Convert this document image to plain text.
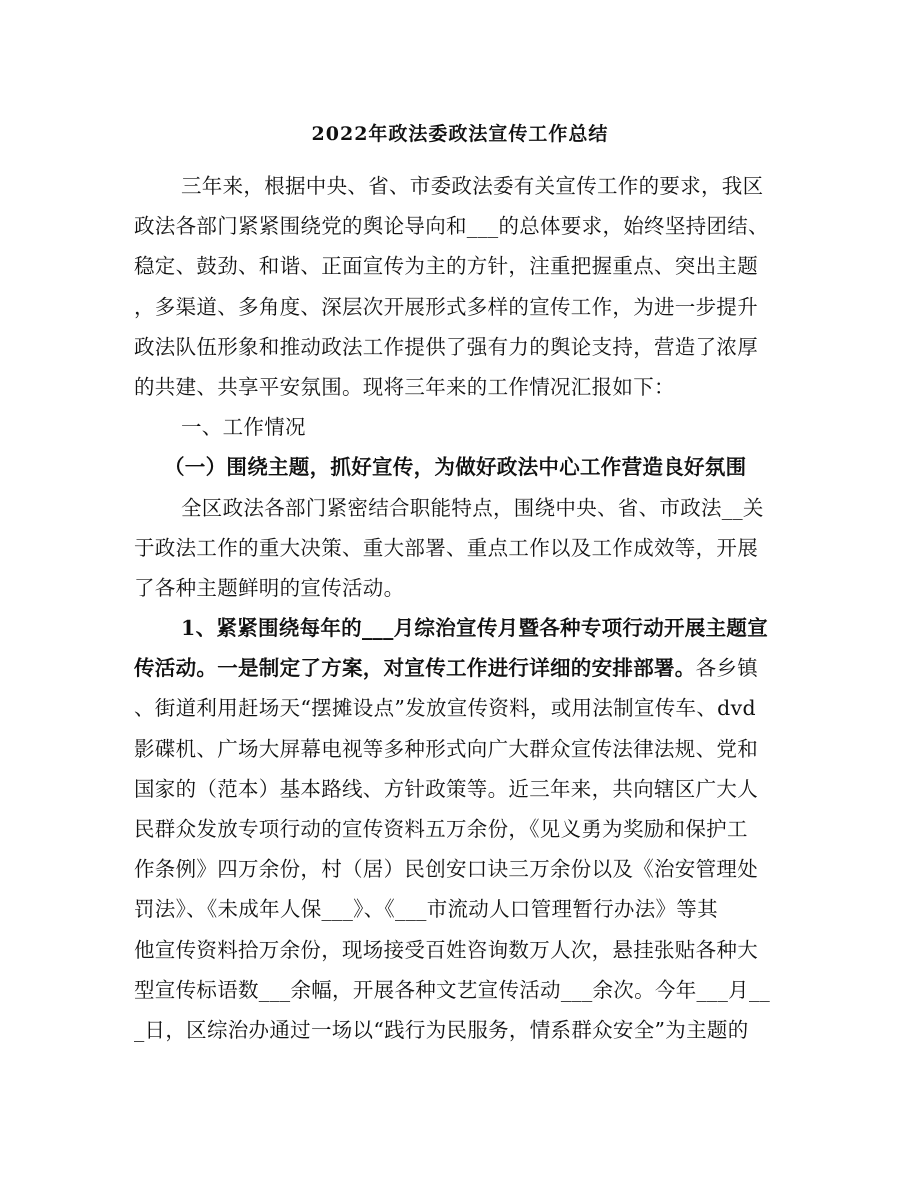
2022年政法委政法宣传工作总结
三年来，根据中央、省、市委政法委有关宣传工作的要求，我区
政法各部门紧紧围绕党的舆论导向和___的总体要求，始终坚持团结、
稳定、鼓劲、和谐、正面宣传为主的方针，注重把握重点、突出主题
，多渠道、多角度、深层次开展形式多样的宣传工作，为进一步提升
政法队伍形象和推动政法工作提供了强有力的舆论支持，营造了浓厚
的共建、共享平安氛围。现将三年来的工作情况汇报如下：
一、工作情况
（一）围绕主题，抓好宣传，为做好政法中心工作营造良好氛围
全区政法各部门紧密结合职能特点，围绕中央、省、市政法__关
于政法工作的重大决策、重大部署、重点工作以及工作成效等，开展
了各种主题鲜明的宣传活动。
1、紧紧围绕每年的___月综治宣传月暨各种专项行动开展主题宣
传活动。一是制定了方案，对宣传工作进行详细的安排部署。各乡镇
、街道利用赶场天“摆摊设点”发放宣传资料，或用法制宣传车、dvd
影碟机、广场大屏幕电视等多种形式向广大群众宣传法律法规、党和
国家的（范本）基本路线、方针政策等。近三年来，共向辖区广大人
民群众发放专项行动的宣传资料五万余份，《见义勇为奖励和保护工
作条例》四万余份，村（居）民创安口诀三万余份以及《治安管理处
罚法》、《未成年人保___》、《___市流动人口管理暂行办法》等其
他宣传资料拾万余份，现场接受百姓咨询数万人次，悬挂张贴各种大
型宣传标语数___余幅，开展各种文艺宣传活动___余次。今年___月__
_日，区综治办通过一场以“践行为民服务，情系群众安全”为主题的
